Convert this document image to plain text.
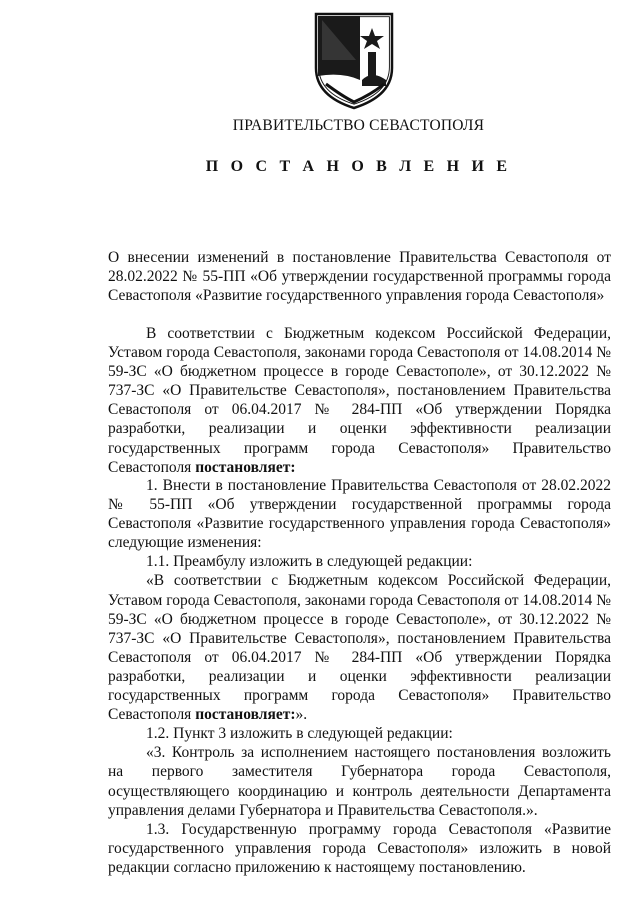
ПРАВИТЕЛЬСТВО СЕВАСТОПОЛЯ
П О С Т А Н О В Л Е Н И Е
О внесении изменений в постановление Правительства Севастополя от 28.02.2022 № 55-ПП «Об утверждении государственной программы города Севастополя «Развитие государственного управления города Севастополя»
В соответствии с Бюджетным кодексом Российской Федерации, Уставом города Севастополя, законами города Севастополя от 14.08.2014 № 59-ЗС «О бюджетном процессе в городе Севастополе», от 30.12.2022 № 737-ЗС «О Правительстве Севастополя», постановлением Правительства Севастополя от 06.04.2017 № 284-ПП «Об утверждении Порядка разработки, реализации и оценки эффективности реализации государственных программ города Севастополя» Правительство Севастополя постановляет:

1. Внести в постановление Правительства Севастополя от 28.02.2022 № 55-ПП «Об утверждении государственной программы города Севастополя «Развитие государственного управления города Севастополя» следующие изменения:

1.1. Преамбулу изложить в следующей редакции:

«В соответствии с Бюджетным кодексом Российской Федерации, Уставом города Севастополя, законами города Севастополя от 14.08.2014 № 59-ЗС «О бюджетном процессе в городе Севастополе», от 30.12.2022 № 737-ЗС «О Правительстве Севастополя», постановлением Правительства Севастополя от 06.04.2017 № 284-ПП «Об утверждении Порядка разработки, реализации и оценки эффективности реализации государственных программ города Севастополя» Правительство Севастополя постановляет:».

1.2. Пункт 3 изложить в следующей редакции:

«3. Контроль за исполнением настоящего постановления возложить на первого заместителя Губернатора города Севастополя, осуществляющего координацию и контроль деятельности Департамента управления делами Губернатора и Правительства Севастополя.».

1.3. Государственную программу города Севастополя «Развитие государственного управления города Севастополя» изложить в новой редакции согласно приложению к настоящему постановлению.
